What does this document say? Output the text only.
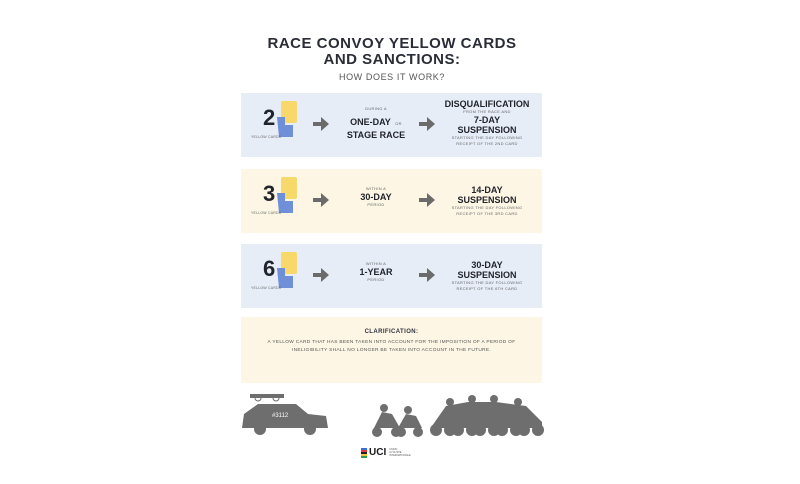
RACE CONVOY YELLOW CARDS
AND SANCTIONS:
HOW DOES IT WORK?
2
YELLOW CARDS
DURING A
ONE-DAY OR
STAGE RACE
DISQUALIFICATION
FROM THE RACE AND
7-DAY
SUSPENSION
STARTING THE DAY FOLLOWING
RECEIPT OF THE 2ND CARD
3
YELLOW CARDS
WITHIN A
30-DAY
PERIOD
14-DAY
SUSPENSION
STARTING THE DAY FOLLOWING
RECEIPT OF THE 3RD CARD
6
YELLOW CARDS
WITHIN A
1-YEAR
PERIOD
30-DAY
SUSPENSION
STARTING THE DAY FOLLOWING
RECEIPT OF THE 6TH CARD
CLARIFICATION:
A YELLOW CARD THAT HAS BEEN TAKEN INTO ACCOUNT FOR THE IMPOSITION OF A PERIOD OF INELIGIBILITY SHALL NO LONGER BE TAKEN INTO ACCOUNT IN THE FUTURE.
#3112
UCI UNION
CYCLISTE
INTERNATIONALE
